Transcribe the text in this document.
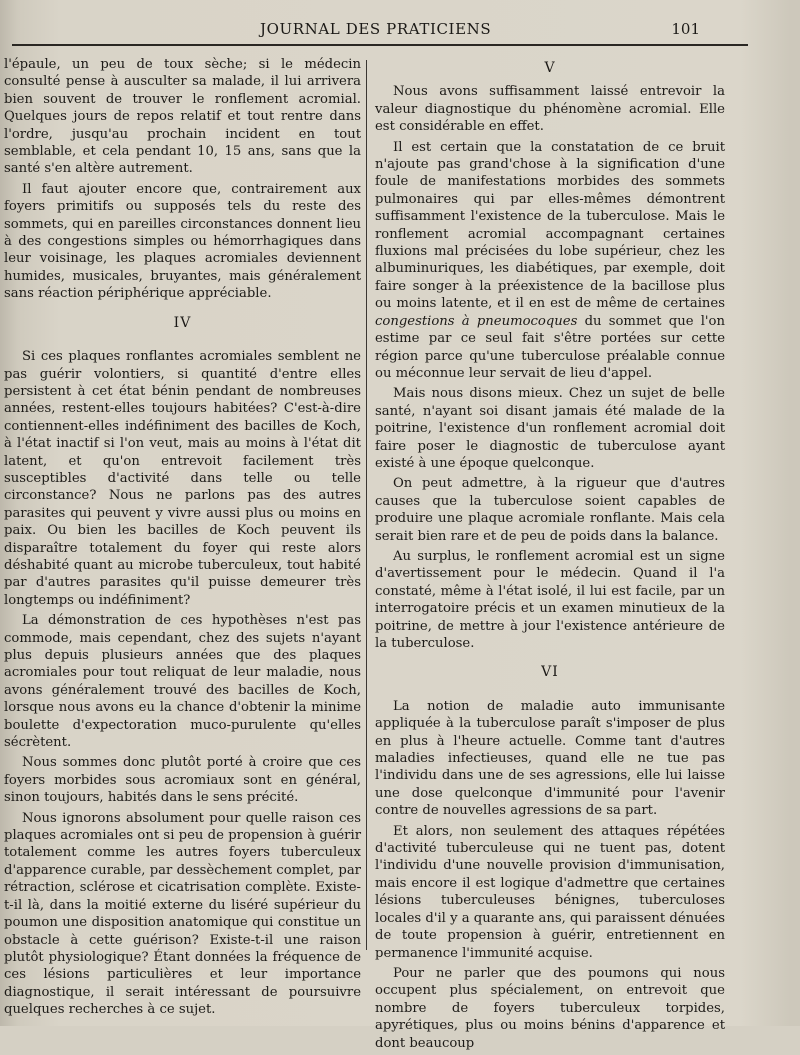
JOURNAL DES PRATICIENS	101

l'épaule, un peu de toux sèche; si le médecin consulté pense à ausculter sa malade, il lui arrivera bien souvent de trouver le ronflement acromial. Quelques jours de repos relatif et tout rentre dans l'ordre, jusqu'au prochain incident en tout semblable, et cela pendant 10, 15 ans, sans que la santé s'en altère autrement.

Il faut ajouter encore que, contrairement aux foyers primitifs ou supposés tels du reste des sommets, qui en pareilles circonstances donnent lieu à des congestions simples ou hémorrhagiques dans leur voisinage, les plaques acromiales deviennent humides, musicales, bruyantes, mais généralement sans réaction périphérique appréciable.

IV

Si ces plaques ronflantes acromiales semblent ne pas guérir volontiers, si quantité d'entre elles persistent à cet état bénin pendant de nombreuses années, restent-elles toujours habitées? C'est-à-dire contiennent-elles indéfiniment des bacilles de Koch, à l'état inactif si l'on veut, mais au moins à l'état dit latent, et qu'on entrevoit facilement très susceptibles d'activité dans telle ou telle circonstance? Nous ne parlons pas des autres parasites qui peuvent y vivre aussi plus ou moins en paix. Ou bien les bacilles de Koch peuvent ils disparaître totalement du foyer qui reste alors déshabité quant au microbe tuberculeux, tout habité par d'autres parasites qu'il puisse demeurer très longtemps ou indéfiniment?

La démonstration de ces hypothèses n'est pas commode, mais cependant, chez des sujets n'ayant plus depuis plusieurs années que des plaques acromiales pour tout reliquat de leur maladie, nous avons généralement trouvé des bacilles de Koch, lorsque nous avons eu la chance d'obtenir la minime boulette d'expectoration muco-purulente qu'elles sécrètent.

Nous sommes donc plutôt porté à croire que ces foyers morbides sous acromiaux sont en général, sinon toujours, habités dans le sens précité.

Nous ignorons absolument pour quelle raison ces plaques acromiales ont si peu de propension à guérir totalement comme les autres foyers tuberculeux d'apparence curable, par dessèchement complet, par rétraction, sclérose et cicatrisation complète. Existe-t-il là, dans la moitié externe du liséré supérieur du poumon une disposition anatomique qui constitue un obstacle à cette guérison? Existe-t-il une raison plutôt physiologique? Étant données la fréquence de ces lésions particulières et leur importance diagnostique, il serait intéressant de poursuivre quelques recherches à ce sujet.

V

Nous avons suffisamment laissé entrevoir la valeur diagnostique du phénomène acromial. Elle est considérable en effet.

Il est certain que la constatation de ce bruit n'ajoute pas grand'chose à la signification d'une foule de manifestations morbides des sommets pulmonaires qui par elles-mêmes démontrent suffisamment l'existence de la tuberculose. Mais le ronflement acromial accompagnant certaines fluxions mal précisées du lobe supérieur, chez les albuminuriques, les diabétiques, par exemple, doit faire songer à la préexistence de la bacillose plus ou moins latente, et il en est de même de certaines congestions à pneumocoques du sommet que l'on estime par ce seul fait s'être portées sur cette région parce qu'une tuberculose préalable connue ou méconnue leur servait de lieu d'appel.

Mais nous disons mieux. Chez un sujet de belle santé, n'ayant soi disant jamais été malade de la poitrine, l'existence d'un ronflement acromial doit faire poser le diagnostic de tuberculose ayant existé à une époque quelconque.

On peut admettre, à la rigueur que d'autres causes que la tuberculose soient capables de produire une plaque acromiale ronflante. Mais cela serait bien rare et de peu de poids dans la balance.

Au surplus, le ronflement acromial est un signe d'avertissement pour le médecin. Quand il l'a constaté, même à l'état isolé, il lui est facile, par un interrogatoire précis et un examen minutieux de la poitrine, de mettre à jour l'existence antérieure de la tuberculose.

VI

La notion de maladie auto immunisante appliquée à la tuberculose paraît s'imposer de plus en plus à l'heure actuelle. Comme tant d'autres maladies infectieuses, quand elle ne tue pas l'individu dans une de ses agressions, elle lui laisse une dose quelconque d'immunité pour l'avenir contre de nouvelles agressions de sa part.

Et alors, non seulement des attaques répétées d'activité tuberculeuse qui ne tuent pas, dotent l'individu d'une nouvelle provision d'immunisation, mais encore il est logique d'admettre que certaines lésions tuberculeuses bénignes, tuberculoses locales d'il y a quarante ans, qui paraissent dénuées de toute propension à guérir, entretiennent en permanence l'immunité acquise.

Pour ne parler que des poumons qui nous occupent plus spécialement, on entrevoit que nombre de foyers tuberculeux torpides, apyrétiques, plus ou moins bénins d'apparence et dont beaucoup
